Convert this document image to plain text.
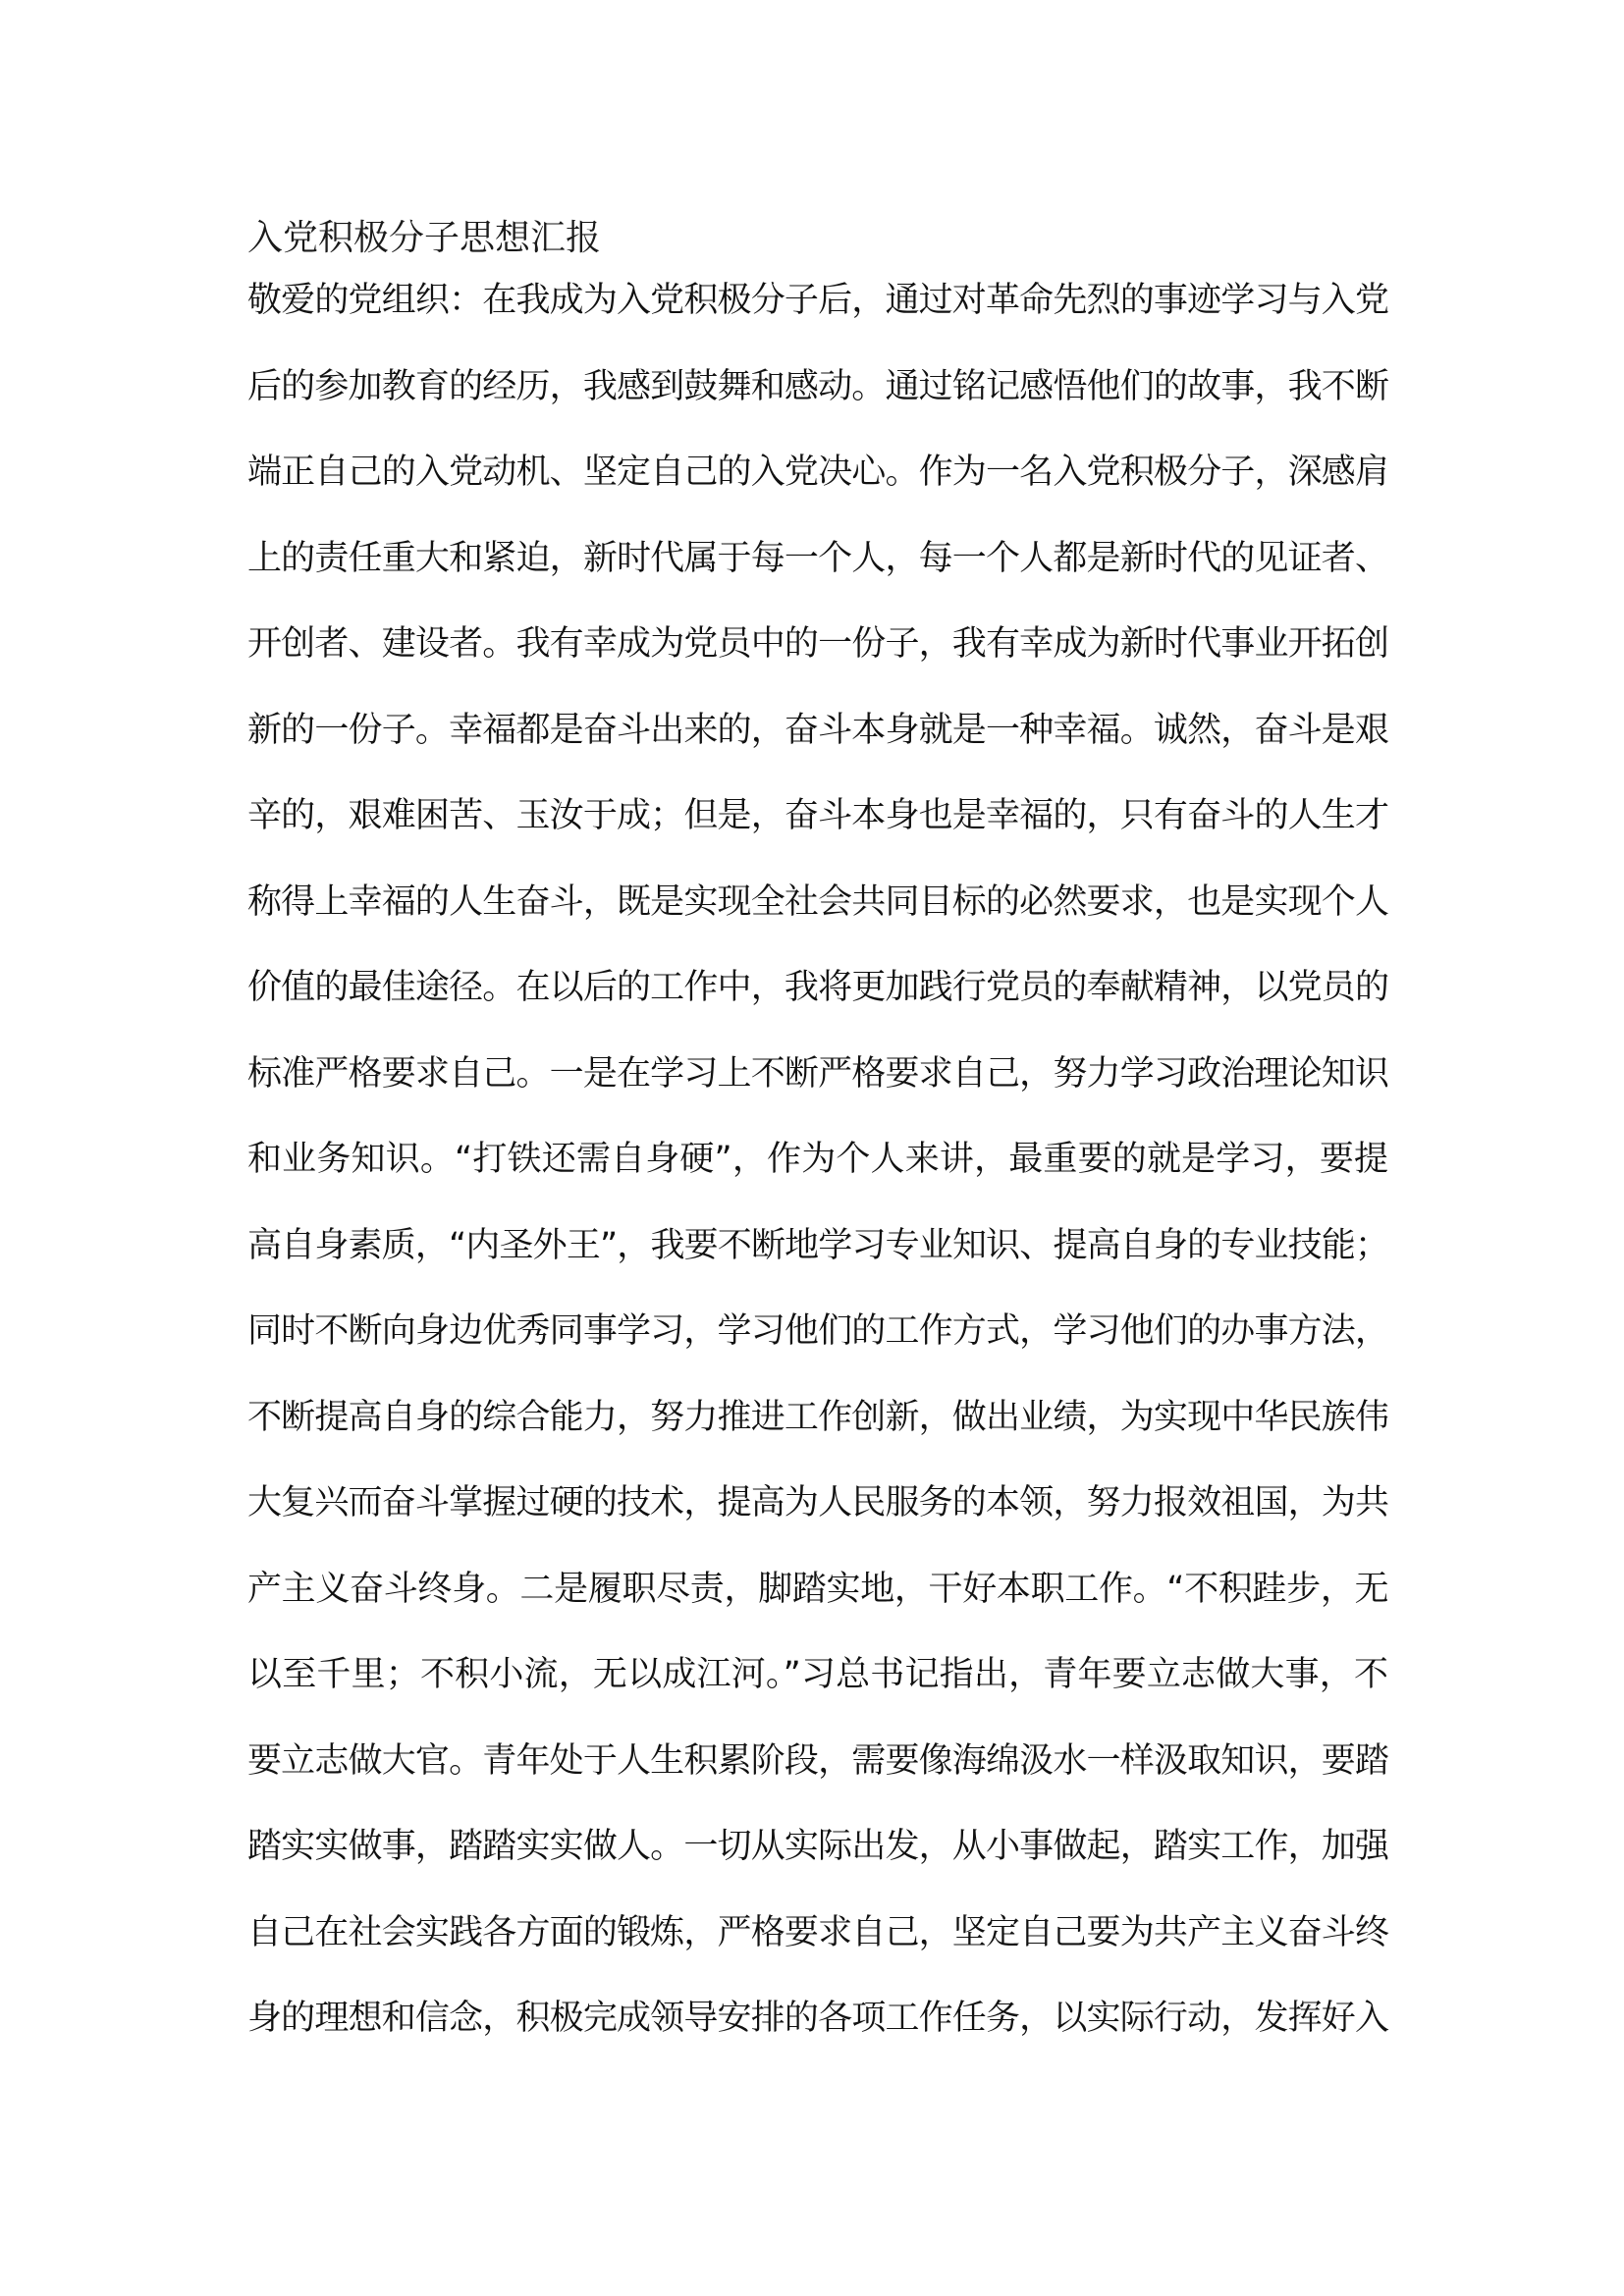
入党积极分子思想汇报
敬爱的党组织：在我成为入党积极分子后，通过对革命先烈的事迹学习与入党
后的参加教育的经历，我感到鼓舞和感动。通过铭记感悟他们的故事，我不断
端正自己的入党动机、坚定自己的入党决心。作为一名入党积极分子，深感肩
上的责任重大和紧迫，新时代属于每一个人，每一个人都是新时代的见证者、
开创者、建设者。我有幸成为党员中的一份子，我有幸成为新时代事业开拓创
新的一份子。幸福都是奋斗出来的，奋斗本身就是一种幸福。诚然，奋斗是艰
辛的，艰难困苦、玉汝于成；但是，奋斗本身也是幸福的，只有奋斗的人生才
称得上幸福的人生奋斗，既是实现全社会共同目标的必然要求，也是实现个人
价值的最佳途径。在以后的工作中，我将更加践行党员的奉献精神，以党员的
标准严格要求自己。一是在学习上不断严格要求自己，努力学习政治理论知识
和业务知识。“打铁还需自身硬”，作为个人来讲，最重要的就是学习，要提
高自身素质，“内圣外王”，我要不断地学习专业知识、提高自身的专业技能；
同时不断向身边优秀同事学习，学习他们的工作方式，学习他们的办事方法，
不断提高自身的综合能力，努力推进工作创新，做出业绩，为实现中华民族伟
大复兴而奋斗掌握过硬的技术，提高为人民服务的本领，努力报效祖国，为共
产主义奋斗终身。二是履职尽责，脚踏实地，干好本职工作。“不积跬步，无
以至千里；不积小流，无以成江河。”习总书记指出，青年要立志做大事，不
要立志做大官。青年处于人生积累阶段，需要像海绵汲水一样汲取知识，要踏
踏实实做事，踏踏实实做人。一切从实际出发，从小事做起，踏实工作，加强
自己在社会实践各方面的锻炼，严格要求自己，坚定自己要为共产主义奋斗终
身的理想和信念，积极完成领导安排的各项工作任务，以实际行动，发挥好入
